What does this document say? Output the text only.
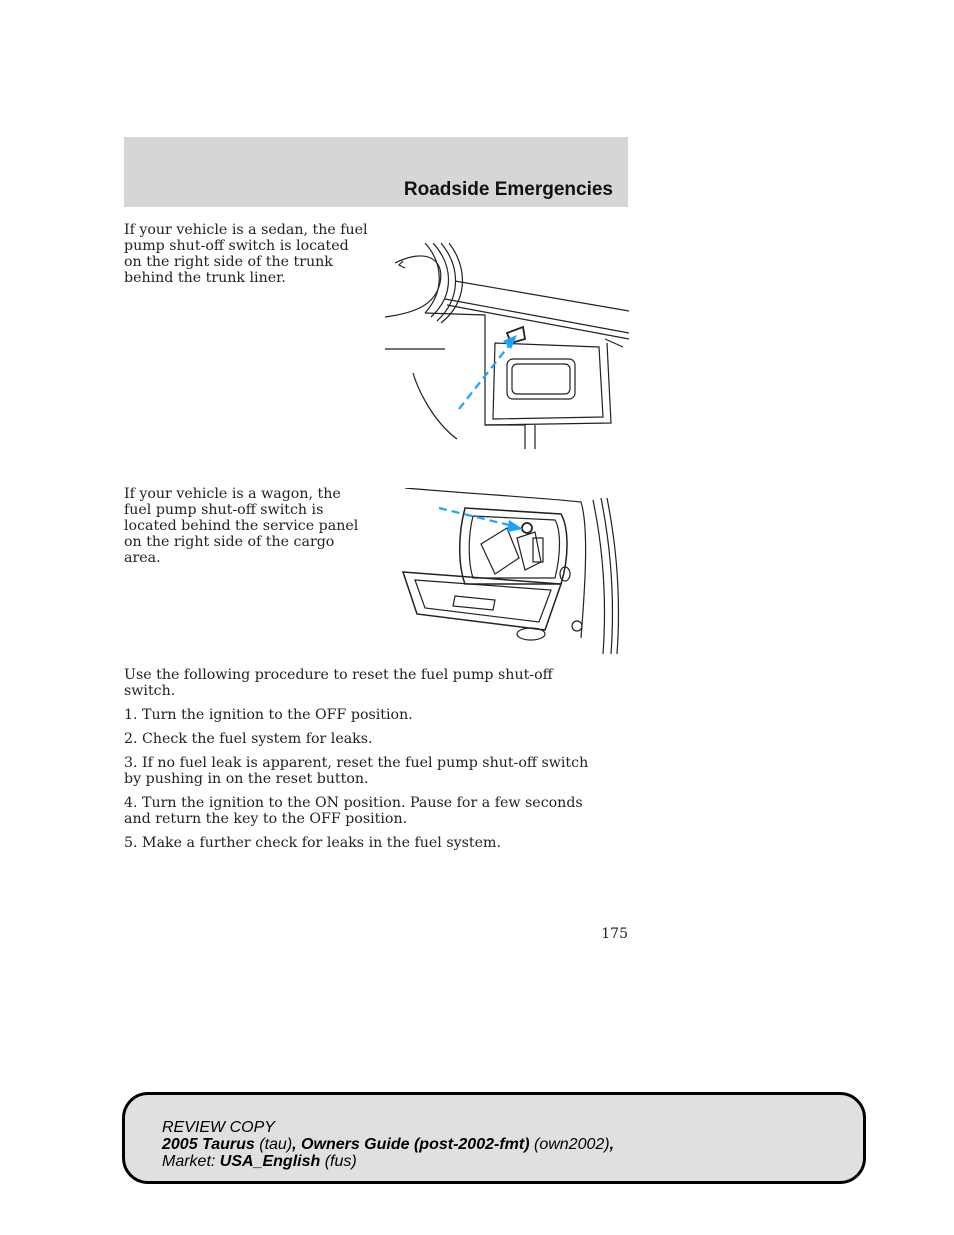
Roadside Emergencies

If your vehicle is a sedan, the fuel pump shut-off switch is located on the right side of the trunk behind the trunk liner.

If your vehicle is a wagon, the fuel pump shut-off switch is located behind the service panel on the right side of the cargo area.

Use the following procedure to reset the fuel pump shut-off switch.

1. Turn the ignition to the OFF position.

2. Check the fuel system for leaks.

3. If no fuel leak is apparent, reset the fuel pump shut-off switch by pushing in on the reset button.

4. Turn the ignition to the ON position. Pause for a few seconds and return the key to the OFF position.

5. Make a further check for leaks in the fuel system.

175
REVIEW COPY
2005 Taurus (tau), Owners Guide (post-2002-fmt) (own2002),
Market: USA_English (fus)
